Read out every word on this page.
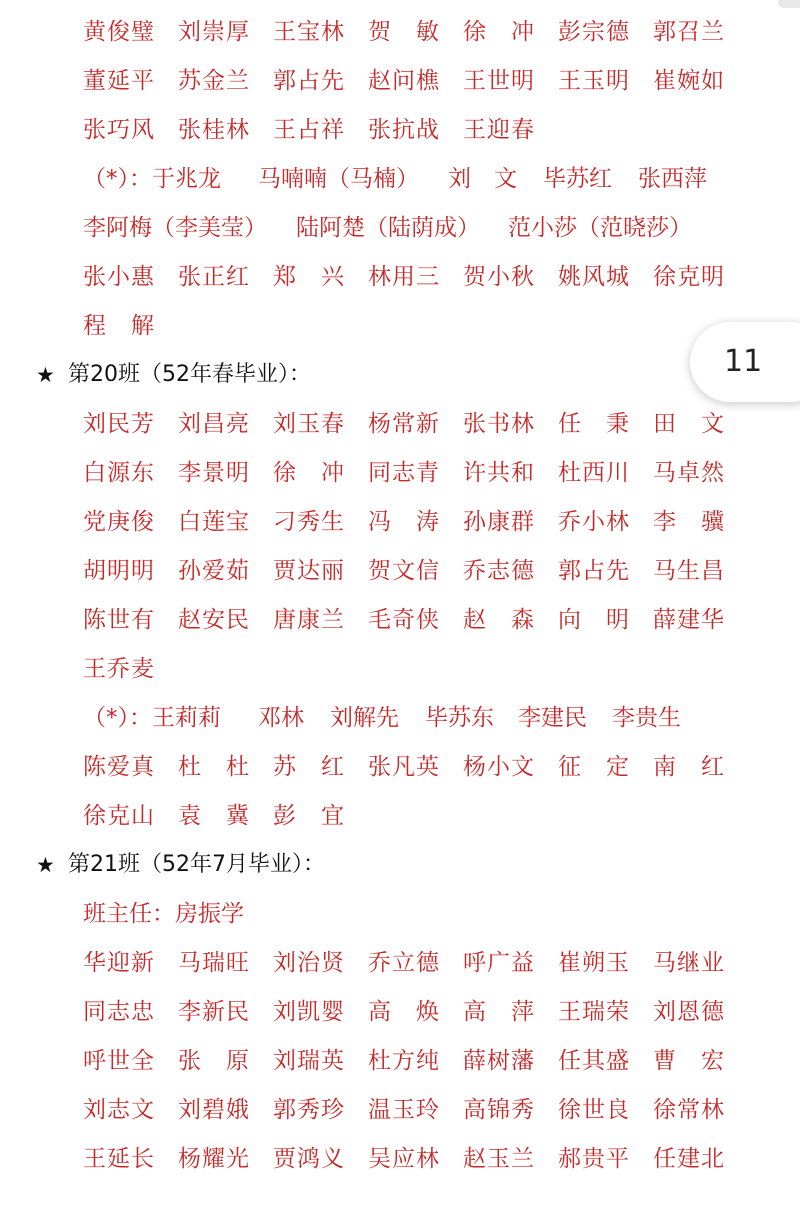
黄俊璧 刘崇厚 王宝林 贺　敏 徐　冲 彭宗德 郭召兰
董延平 苏金兰 郭占先 赵问樵 王世明 王玉明 崔婉如
张巧风 张桂林 王占祥 张抗战 王迎春
（*）：于兆龙 马喃喃（马楠） 刘　文 毕苏红 张西萍
李阿梅（李美莹） 陆阿楚（陆荫成） 范小莎（范晓莎）
张小惠 张正红 郑　兴 林用三 贺小秋 姚风城 徐克明
程　解
★ 第20班（52年春毕业）：
刘民芳 刘昌亮 刘玉春 杨常新 张书林 任　秉 田　文
白源东 李景明 徐　冲 同志青 许共和 杜西川 马卓然
党庚俊 白莲宝 刁秀生 冯　涛 孙康群 乔小林 李　骥
胡明明 孙爱茹 贾达丽 贺文信 乔志德 郭占先 马生昌
陈世有 赵安民 唐康兰 毛奇侠 赵　森 向　明 薛建华
王乔麦
（*）：王莉莉 邓林 刘解先 毕苏东 李建民 李贵生
陈爱真 杜　杜 苏　红 张凡英 杨小文 征　定 南　红
徐克山 袁　冀 彭　宜
★ 第21班（52年7月毕业）：
班主任：房振学
华迎新 马瑞旺 刘治贤 乔立德 呼广益 崔朔玉 马继业
同志忠 李新民 刘凯婴 高　焕 高　萍 王瑞荣 刘恩德
呼世全 张　原 刘瑞英 杜方纯 薛树藩 任其盛 曹　宏
刘志文 刘碧娥 郭秀珍 温玉玲 高锦秀 徐世良 徐常林
王延长 杨耀光 贾鸿义 吴应林 赵玉兰 郝贵平 任建北
11
